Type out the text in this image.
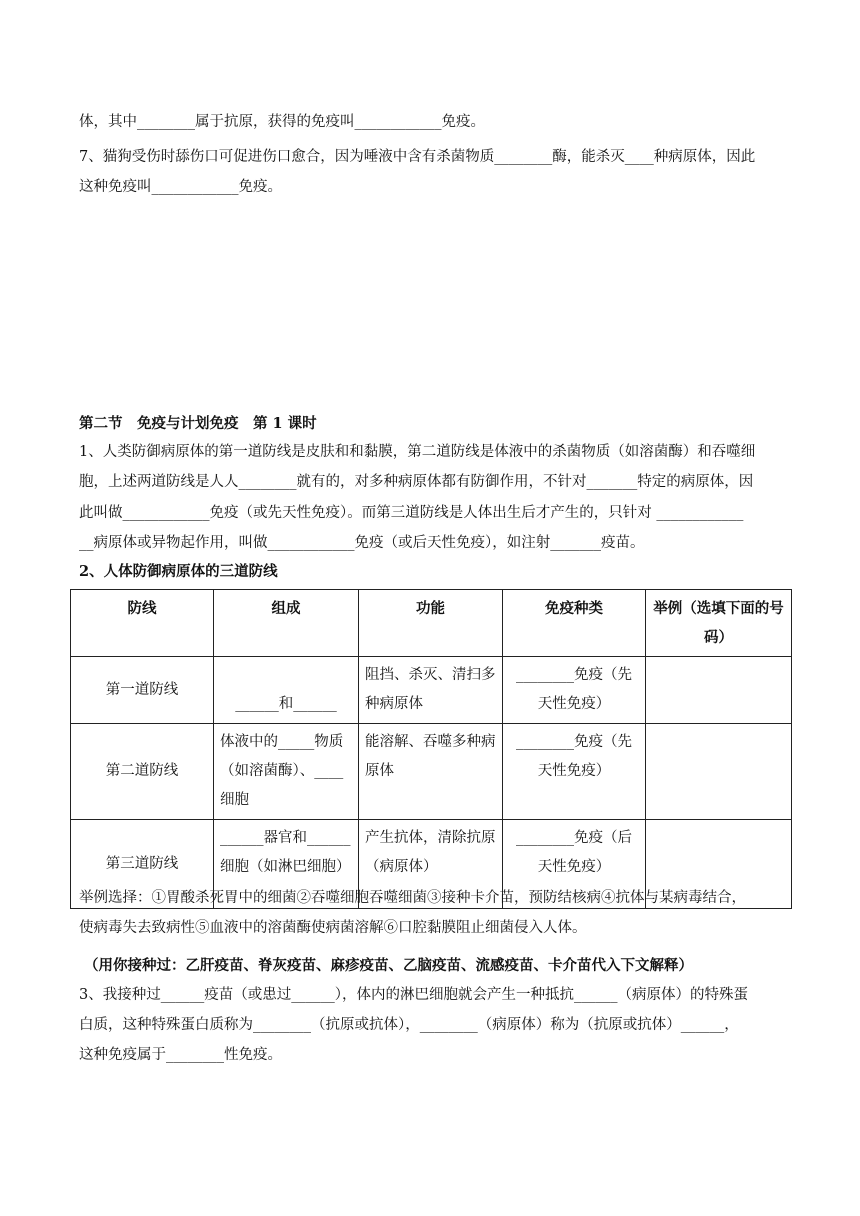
体，其中________属于抗原，获得的免疫叫____________免疫。
7、猫狗受伤时舔伤口可促进伤口愈合，因为唾液中含有杀菌物质________酶，能杀灭____种病原体，因此
这种免疫叫____________免疫。
第二节　免疫与计划免疫　第 1 课时
1、人类防御病原体的第一道防线是皮肤和和黏膜，第二道防线是体液中的杀菌物质（如溶菌酶）和吞噬细
胞，上述两道防线是人人________就有的，对多种病原体都有防御作用，不针对_______特定的病原体，因
此叫做____________免疫（或先天性免疫）。而第三道防线是人体出生后才产生的，只针对 ____________
__病原体或异物起作用，叫做____________免疫（或后天性免疫），如注射_______疫苗。
2、人体防御病原体的三道防线
防线	组成	功能	免疫种类	举例（选填下面的号码）
第一道防线	______和______	阻挡、杀灭、清扫多种病原体	________免疫（先天性免疫）	
第二道防线	体液中的_____物质（如溶菌酶）、____ 细胞	能溶解、吞噬多种病原体	________免疫（先天性免疫）	
第三道防线	______器官和______细胞（如淋巴细胞）	产生抗体，清除抗原（病原体）	________免疫（后天性免疫）	
举例选择：①胃酸杀死胃中的细菌②吞噬细胞吞噬细菌③接种卡介苗，预防结核病④抗体与某病毒结合，
使病毒失去致病性⑤血液中的溶菌酶使病菌溶解⑥口腔黏膜阻止细菌侵入人体。
（用你接种过：乙肝疫苗、脊灰疫苗、麻疹疫苗、乙脑疫苗、流感疫苗、卡介苗代入下文解释）
3、我接种过______疫苗（或患过______），体内的淋巴细胞就会产生一种抵抗______（病原体）的特殊蛋
白质，这种特殊蛋白质称为________（抗原或抗体），________（病原体）称为（抗原或抗体）______，
这种免疫属于________性免疫。
